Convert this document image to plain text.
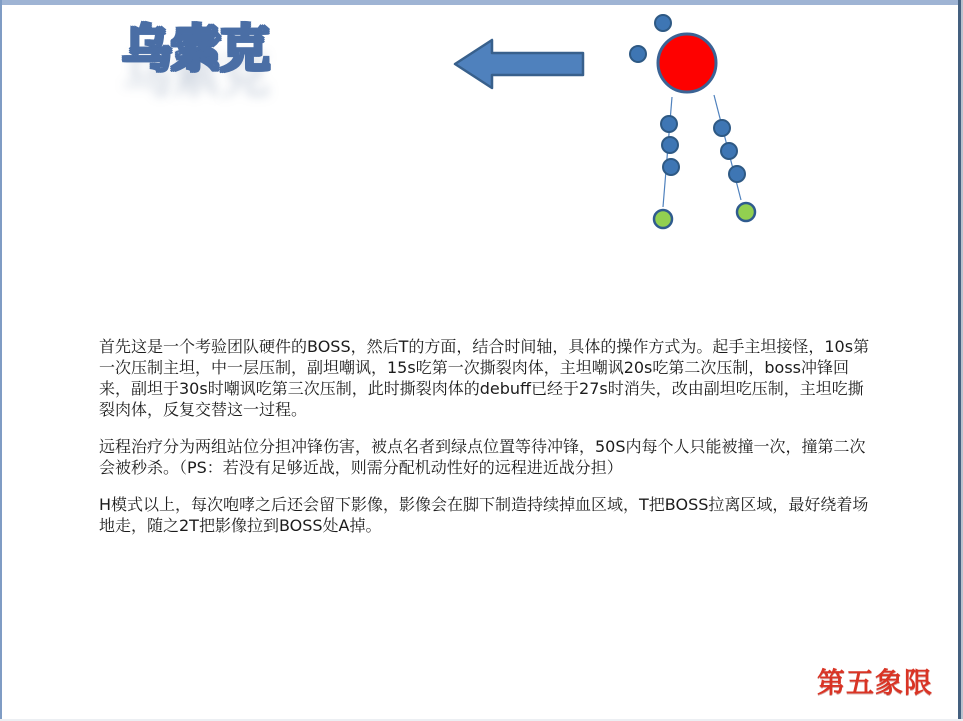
乌索克

首先这是一个考验团队硬件的BOSS，然后T的方面，结合时间轴，具体的操作方式为。起手主坦接怪，10s第一次压制主坦，中一层压制，副坦嘲讽，15s吃第一次撕裂肉体，主坦嘲讽20s吃第二次压制，boss冲锋回来，副坦于30s时嘲讽吃第三次压制，此时撕裂肉体的debuff已经于27s时消失，改由副坦吃压制，主坦吃撕裂肉体，反复交替这一过程。

远程治疗分为两组站位分担冲锋伤害，被点名者到绿点位置等待冲锋，50S内每个人只能被撞一次，撞第二次会被秒杀。（PS：若没有足够近战，则需分配机动性好的远程进近战分担）

H模式以上，每次咆哮之后还会留下影像，影像会在脚下制造持续掉血区域，T把BOSS拉离区域，最好绕着场地走，随之2T把影像拉到BOSS处A掉。

第五象限
